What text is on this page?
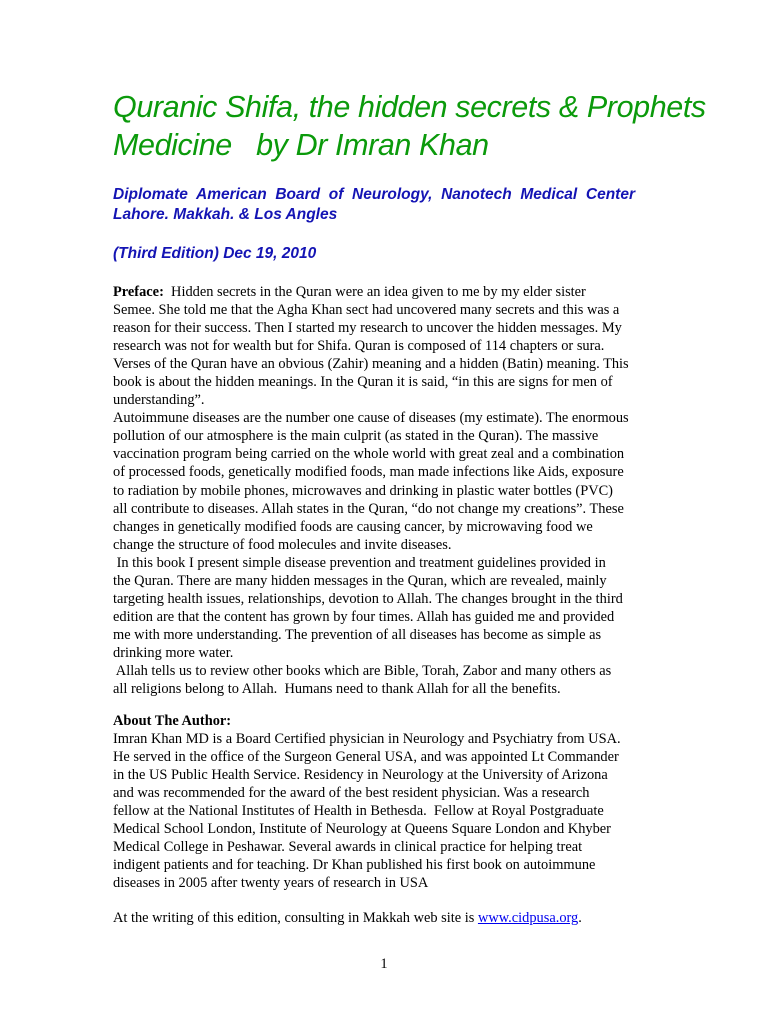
Quranic Shifa, the hidden secrets & Prophets
Medicine   by Dr Imran Khan

Diplomate American Board of Neurology, Nanotech Medical Center Lahore. Makkah. & Los Angles

(Third Edition) Dec 19, 2010

Preface:  Hidden secrets in the Quran were an idea given to me by my elder sister
Semee. She told me that the Agha Khan sect had uncovered many secrets and this was a
reason for their success. Then I started my research to uncover the hidden messages. My
research was not for wealth but for Shifa. Quran is composed of 114 chapters or sura.
Verses of the Quran have an obvious (Zahir) meaning and a hidden (Batin) meaning. This
book is about the hidden meanings. In the Quran it is said, “in this are signs for men of
understanding”.
Autoimmune diseases are the number one cause of diseases (my estimate). The enormous
pollution of our atmosphere is the main culprit (as stated in the Quran). The massive
vaccination program being carried on the whole world with great zeal and a combination
of processed foods, genetically modified foods, man made infections like Aids, exposure
to radiation by mobile phones, microwaves and drinking in plastic water bottles (PVC)
all contribute to diseases. Allah states in the Quran, “do not change my creations”. These
changes in genetically modified foods are causing cancer, by microwaving food we
change the structure of food molecules and invite diseases.
In this book I present simple disease prevention and treatment guidelines provided in
the Quran. There are many hidden messages in the Quran, which are revealed, mainly
targeting health issues, relationships, devotion to Allah. The changes brought in the third
edition are that the content has grown by four times. Allah has guided me and provided
me with more understanding. The prevention of all diseases has become as simple as
drinking more water.
Allah tells us to review other books which are Bible, Torah, Zabor and many others as
all religions belong to Allah.  Humans need to thank Allah for all the benefits.
About The Author:
Imran Khan MD is a Board Certified physician in Neurology and Psychiatry from USA.
He served in the office of the Surgeon General USA, and was appointed Lt Commander
in the US Public Health Service. Residency in Neurology at the University of Arizona
and was recommended for the award of the best resident physician. Was a research
fellow at the National Institutes of Health in Bethesda.  Fellow at Royal Postgraduate
Medical School London, Institute of Neurology at Queens Square London and Khyber
Medical College in Peshawar. Several awards in clinical practice for helping treat
indigent patients and for teaching. Dr Khan published his first book on autoimmune
diseases in 2005 after twenty years of research in USA
At the writing of this edition, consulting in Makkah web site is www.cidpusa.org.

1
